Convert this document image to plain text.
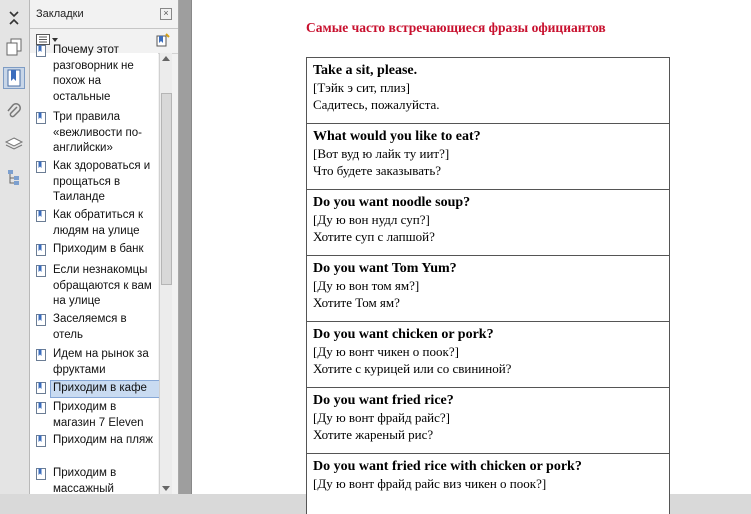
Закладки	×
Почему этот разговорник не похож на остальные
Три правила «вежливости по-английски»
Как здороваться и прощаться в Таиланде
Как обратиться к людям на улице
Приходим в банк
Если незнакомцы обращаются к вам на улице
Заселяемся в отель
Идем на рынок за фруктами
Приходим в кафе
Приходим в магазин 7 Eleven
Приходим на пляж
Приходим в массажный
Самые часто встречающиеся фразы официантов
Take a sit, please.
[Тэйк э сит, плиз]
Садитесь, пожалуйста.
What would you like to eat?
[Вот вуд ю лайк ту иит?]
Что будете заказывать?
Do you want noodle soup?
[Ду ю вон нудл суп?]
Хотите суп с лапшой?
Do you want Tom Yum?
[Ду ю вон том ям?]
Хотите Том ям?
Do you want chicken or pork?
[Ду ю вонт чикен о поок?]
Хотите с курицей или со свининой?
Do you want fried rice?
[Ду ю вонт фрайд райс?]
Хотите жареный рис?
Do you want fried rice with chicken or pork?
[Ду ю вонт фрайд райс виз чикен о поок?]
